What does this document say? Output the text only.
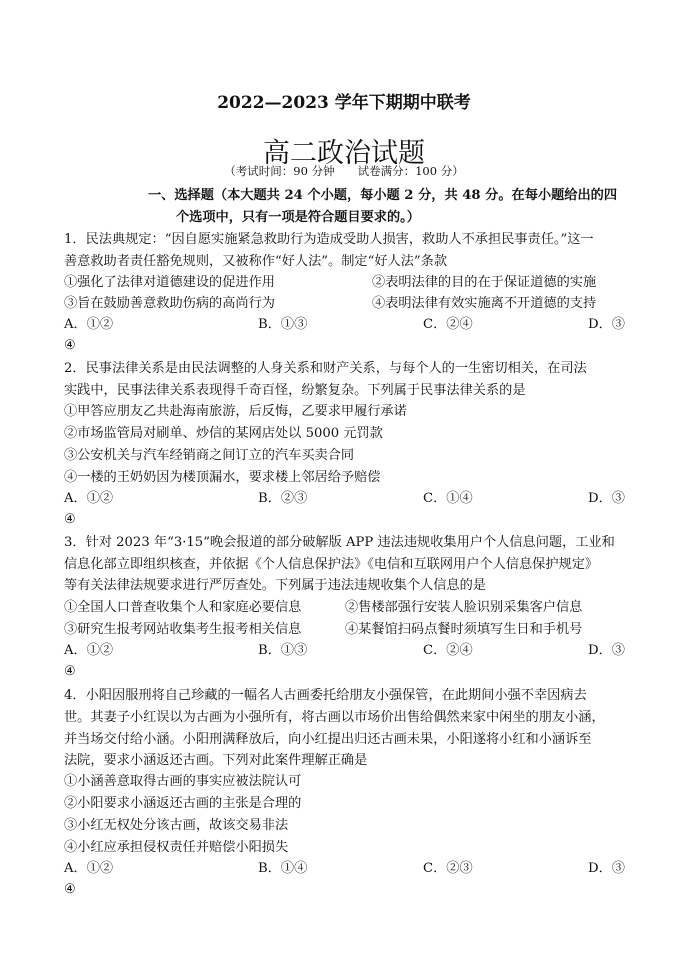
2022—2023 学年下期期中联考
高二政治试题
（考试时间：90 分钟　　试卷满分：100 分）
一、选择题（本大题共 24 个小题，每小题 2 分，共 48 分。在每小题给出的四
个选项中，只有一项是符合题目要求的。）
1．民法典规定：“因自愿实施紧急救助行为造成受助人损害，救助人不承担民事责任。”这一
善意救助者责任豁免规则，又被称作“好人法”。制定“好人法”条款
①强化了法律对道德建设的促进作用	②表明法律的目的在于保证道德的实施
③旨在鼓励善意救助伤病的高尚行为	④表明法律有效实施离不开道德的支持
A．①②	B．①③	C．②④	D．③
④
2．民事法律关系是由民法调整的人身关系和财产关系，与每个人的一生密切相关，在司法
实践中，民事法律关系表现得千奇百怪，纷繁复杂。下列属于民事法律关系的是
①甲答应朋友乙共赴海南旅游，后反悔，乙要求甲履行承诺
②市场监管局对刷单、炒信的某网店处以 5000 元罚款
③公安机关与汽车经销商之间订立的汽车买卖合同
④一楼的王奶奶因为楼顶漏水，要求楼上邻居给予赔偿
A．①②	B．②③	C．①④	D．③
④
3．针对 2023 年“3·15”晚会报道的部分破解版 APP 违法违规收集用户个人信息问题，工业和
信息化部立即组织核查，并依据《个人信息保护法》《电信和互联网用户个人信息保护规定》
等有关法律法规要求进行严厉查处。下列属于违法违规收集个人信息的是
①全国人口普查收集个人和家庭必要信息	②售楼部强行安装人脸识别采集客户信息
③研究生报考网站收集考生报考相关信息	④某餐馆扫码点餐时须填写生日和手机号
A．①②	B．①③	C．②④	D．③
④
4．小阳因服刑将自己珍藏的一幅名人古画委托给朋友小强保管，在此期间小强不幸因病去
世。其妻子小红误以为古画为小强所有，将古画以市场价出售给偶然来家中闲坐的朋友小涵，
并当场交付给小涵。小阳刑满释放后，向小红提出归还古画未果，小阳遂将小红和小涵诉至
法院，要求小涵返还古画。下列对此案件理解正确是
①小涵善意取得古画的事实应被法院认可
②小阳要求小涵返还古画的主张是合理的
③小红无权处分该古画，故该交易非法
④小红应承担侵权责任并赔偿小阳损失
A．①②	B．①④	C．②③	D．③
④
